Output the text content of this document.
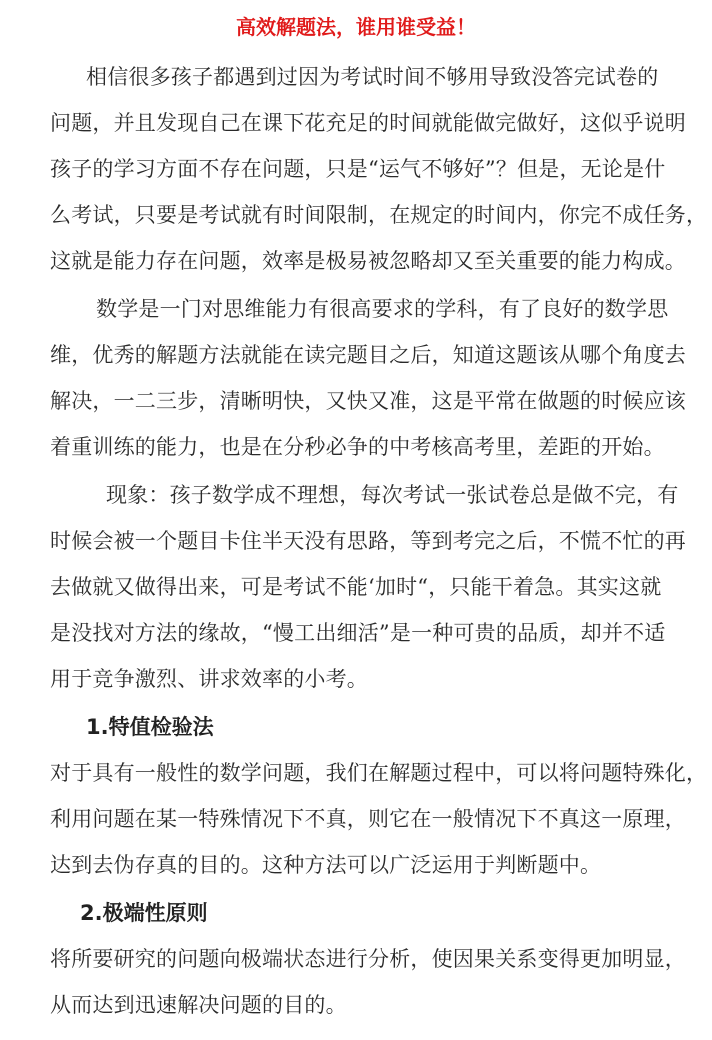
高效解题法，谁用谁受益！
相信很多孩子都遇到过因为考试时间不够用导致没答完试卷的
问题，并且发现自己在课下花充足的时间就能做完做好，这似乎说明
孩子的学习方面不存在问题，只是“运气不够好”？但是，无论是什
么考试，只要是考试就有时间限制，在规定的时间内，你完不成任务，
这就是能力存在问题，效率是极易被忽略却又至关重要的能力构成。
数学是一门对思维能力有很高要求的学科，有了良好的数学思
维，优秀的解题方法就能在读完题目之后，知道这题该从哪个角度去
解决，一二三步，清晰明快，又快又准，这是平常在做题的时候应该
着重训练的能力，也是在分秒必争的中考核高考里，差距的开始。
现象：孩子数学成不理想，每次考试一张试卷总是做不完，有
时候会被一个题目卡住半天没有思路，等到考完之后，不慌不忙的再
去做就又做得出来，可是考试不能‘加时“，只能干着急。其实这就
是没找对方法的缘故，“慢工出细活”是一种可贵的品质，却并不适
用于竞争激烈、讲求效率的小考。
1.特值检验法
对于具有一般性的数学问题，我们在解题过程中，可以将问题特殊化，
利用问题在某一特殊情况下不真，则它在一般情况下不真这一原理，
达到去伪存真的目的。这种方法可以广泛运用于判断题中。
2.极端性原则
将所要研究的问题向极端状态进行分析，使因果关系变得更加明显，
从而达到迅速解决问题的目的。
